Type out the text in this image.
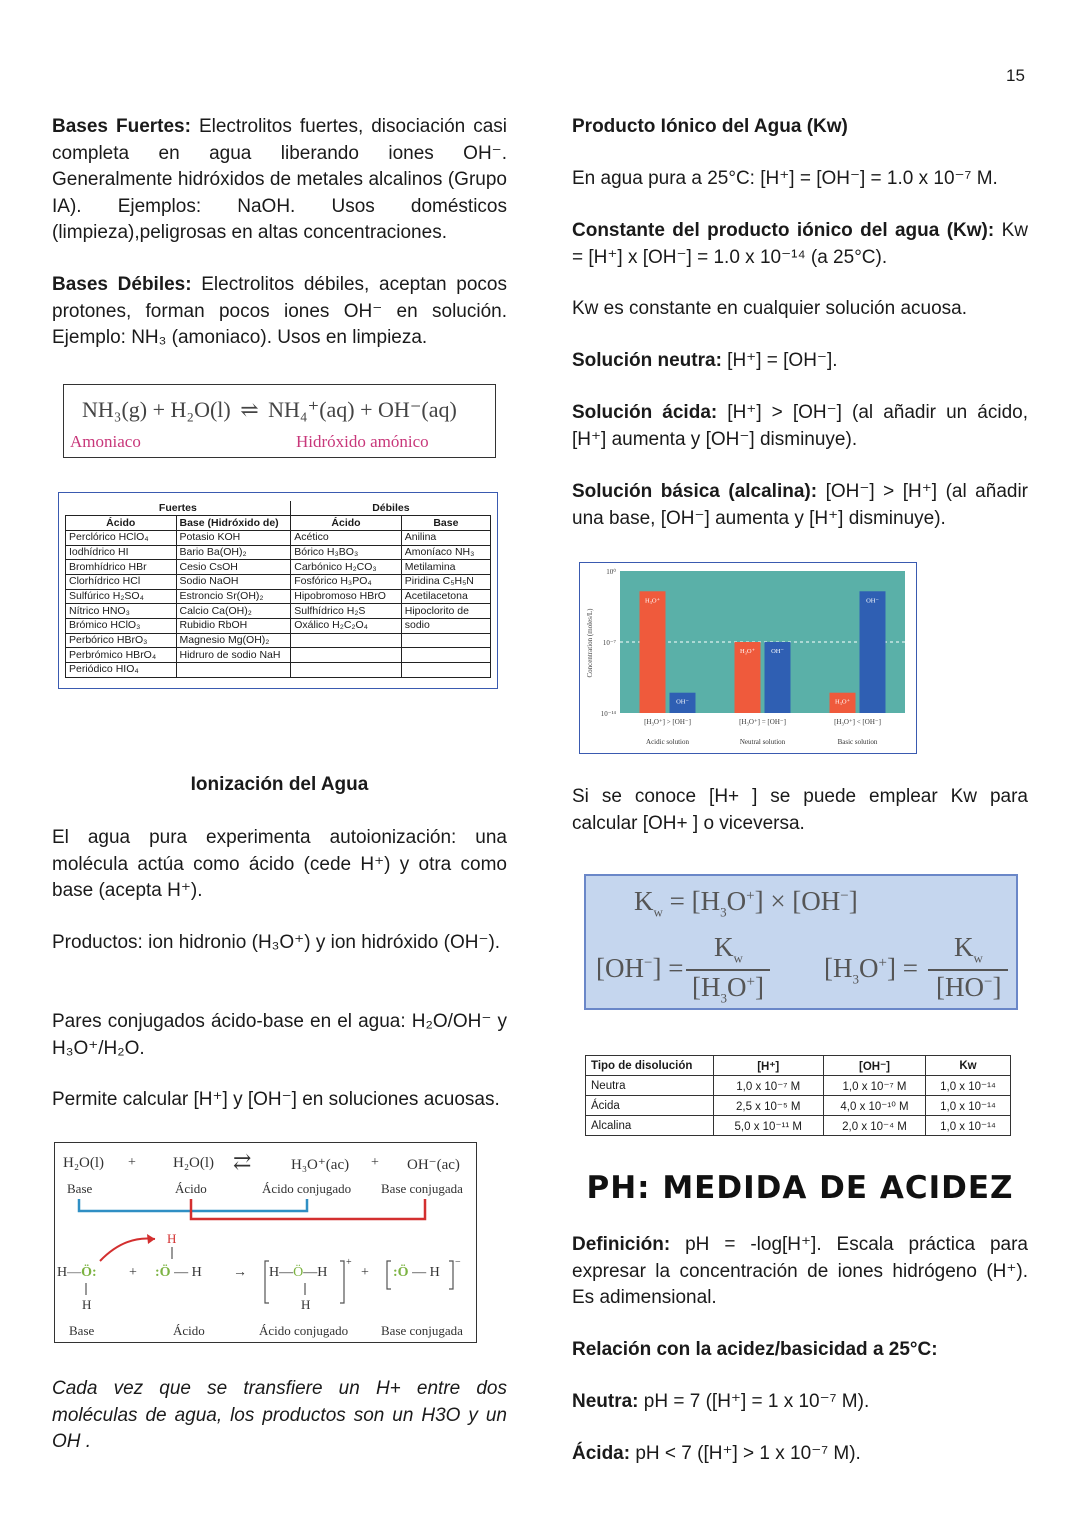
15
Bases Fuertes: Electrolitos fuertes, disociación casi completa en agua liberando iones OH⁻. Generalmente hidróxidos de metales alcalinos (Grupo IA). Ejemplos: NaOH. Usos domésticos (limpieza),peligrosas en altas concentraciones.
Bases Débiles: Electrolitos débiles, aceptan pocos protones, forman pocos iones OH⁻ en solución. Ejemplo: NH₃ (amoniaco). Usos en limpieza.
NH₃(g) + H₂O(l) ⇌ NH₄⁺(aq) + OH⁻(aq)
Amoniaco	Hidróxido amónico
Fuertes		Débiles	
Ácido	Base (Hidróxido de)	Ácido	Base
Perclórico HClO₄	Potasio KOH	Acético	Anilina
Iodhídrico HI	Bario Ba(OH)₂	Bórico H₃BO₃	Amoníaco NH₃
Bromhídrico HBr	Cesio CsOH	Carbónico H₂CO₃	Metilamina
Clorhídrico HCl	Sodio NaOH	Fosfórico H₃PO₄	Piridina C₅H₅N
Sulfúrico H₂SO₄	Estroncio Sr(OH)₂	Hipobromoso HBrO	Acetilacetona
Nítrico HNO₃	Calcio Ca(OH)₂	Sulfhídrico H₂S	Hipoclorito de
Brómico HClO₃	Rubidio RbOH	Oxálico H₂C₂O₄	sodio
Perbórico HBrO₃	Magnesio Mg(OH)₂		
Perbrómico HBrO₄	Hidruro de sodio NaH		
Periódico HIO₄			
Ionización del Agua
El agua pura experimenta autoionización: una molécula actúa como ácido (cede H⁺) y otra como base (acepta H⁺).
Productos: ion hidronio (H₃O⁺) y ion hidróxido (OH⁻).
Pares conjugados ácido-base en el agua: H₂O/OH⁻ y H₃O⁺/H₂O.
Permite calcular [H⁺] y [OH⁻] en soluciones acuosas.
H₂O(l) + H₂O(l) ⇄	H₃O⁺(ac) + OH⁻(ac)
Base	Ácido	Ácido conjugado Base conjugada
H—Ö:
H
+
H
:Ö — H → H—Ö—H
H
+
+ :Ö — H
−
Base	Ácido	Ácido conjugado	Base conjugada
Cada vez que se transfiere un H+ entre dos moléculas de agua, los productos son un H3O y un OH .
Producto Iónico del Agua (Kw)
En agua pura a 25°C: [H⁺] = [OH⁻] = 1.0 x 10⁻⁷ M.
Constante del producto iónico del agua (Kw): Kw = [H⁺] x [OH⁻] = 1.0 x 10⁻¹⁴ (a 25°C).
Kw es constante en cualquier solución acuosa.
Solución neutra: [H⁺] = [OH⁻].
Solución ácida: [H⁺] > [OH⁻] (al añadir un ácido, [H⁺] aumenta y [OH⁻] disminuye).
Solución básica (alcalina): [OH⁻] > [H⁺] (al añadir una base, [OH⁻] aumenta y [H⁺] disminuye).
10⁰
10⁻⁷
10⁻¹⁴
Concentration (moles/L)
H₃O⁺
OH⁻
[H₃O⁺] > [OH⁻]
Acidic solution
H₃O⁺ OH⁻
[H₃O⁺] = [OH⁻]
Neutral solution
H₃O⁺
OH⁻
[H₃O⁺] < [OH⁻]
Basic solution
Si se conoce [H+ ] se puede emplear Kw para calcular [OH+ ] o viceversa.
$K_w = [H_3O^+] \times [OH^-]$
[OH−] =
$K_w$
$[H_3O^+]$
$[H_3O^+]$ =
$K_w$
[HO−]
Tipo de disolución	[H⁺]	[OH⁻]	Kw
Neutra	1,0 x 10⁻⁷ M	1,0 x 10⁻⁷ M	1,0 x 10⁻¹⁴
Ácida	2,5 x 10⁻⁵ M	4,0 x 10⁻¹⁰ M	1,0 x 10⁻¹⁴
Alcalina	5,0 x 10⁻¹¹ M	2,0 x 10⁻⁴ M	1,0 x 10⁻¹⁴
PH: MEDIDA DE ACIDEZ
Definición: pH = -log[H⁺]. Escala práctica para expresar la concentración de iones hidrógeno (H⁺). Es adimensional.
Relación con la acidez/basicidad a 25°C:
Neutra: pH = 7 ([H⁺] = 1 x 10⁻⁷ M).
Ácida: pH < 7 ([H⁺] > 1 x 10⁻⁷ M).
